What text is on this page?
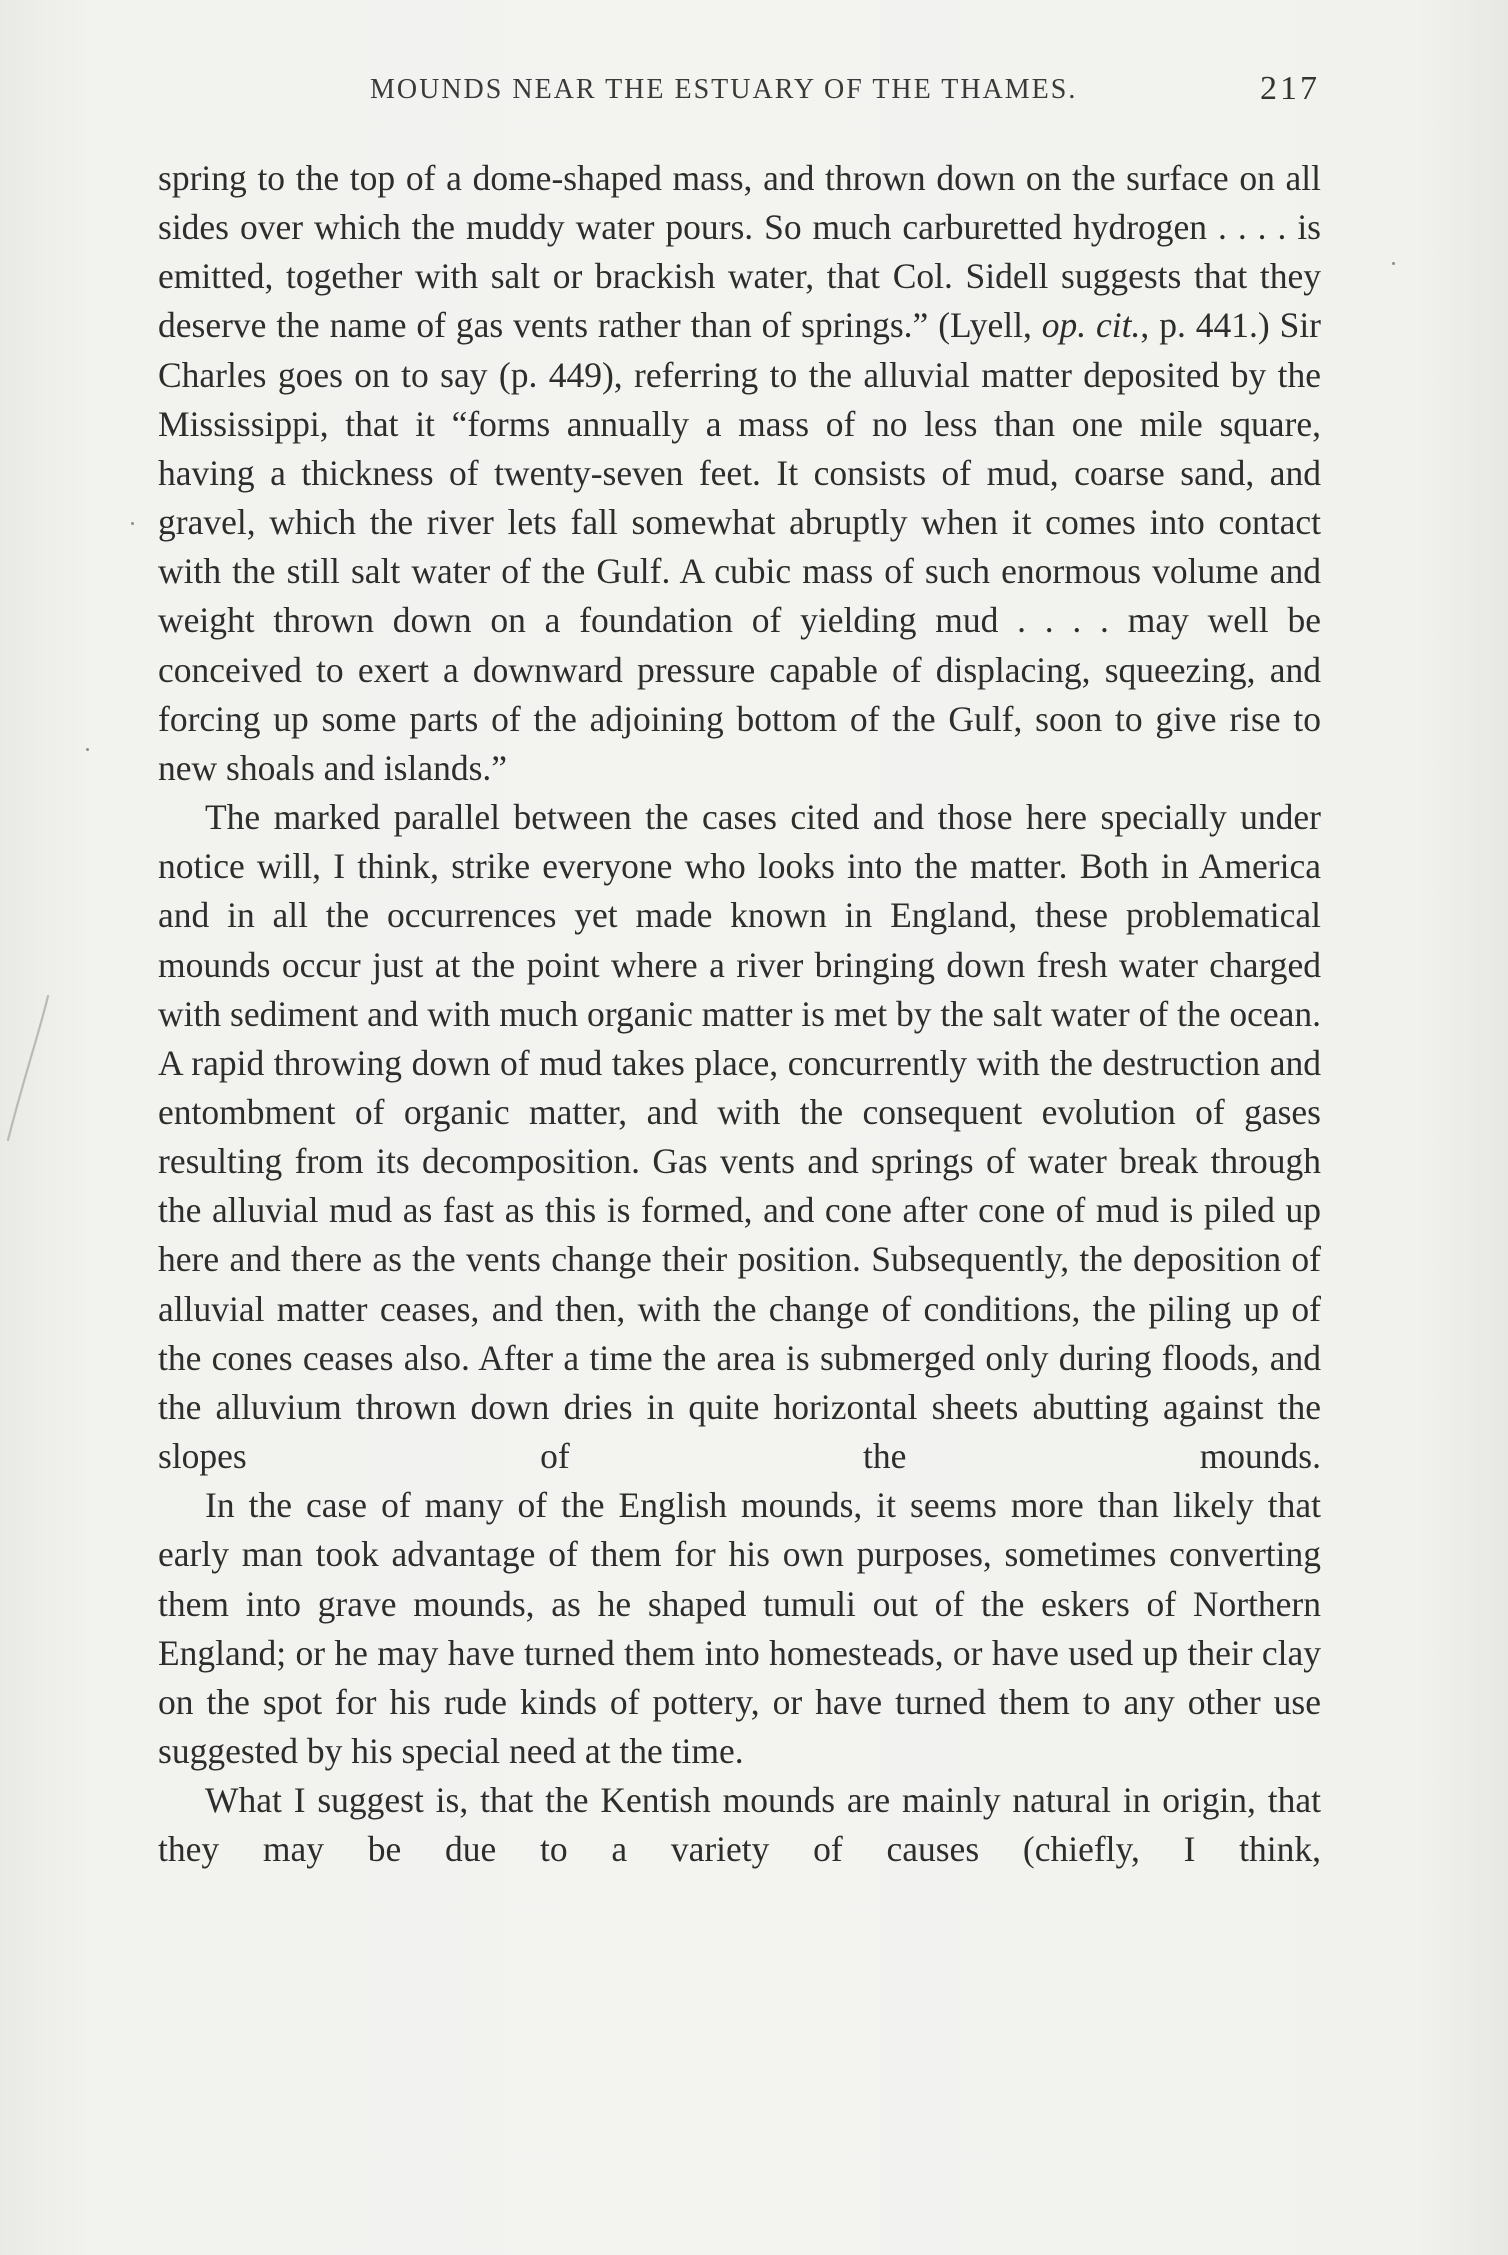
MOUNDS NEAR THE ESTUARY OF THE THAMES.	217

spring to the top of a dome-shaped mass, and thrown down on the surface on all sides over which the muddy water pours. So much carburetted hydrogen . . . . is emitted, together with salt or brackish water, that Col. Sidell suggests that they deserve the name of gas vents rather than of springs.” (Lyell, op. cit., p. 441.) Sir Charles goes on to say (p. 449), referring to the alluvial matter deposited by the Mississippi, that it “forms annually a mass of no less than one mile square, having a thickness of twenty-seven feet. It consists of mud, coarse sand, and gravel, which the river lets fall somewhat abruptly when it comes into contact with the still salt water of the Gulf. A cubic mass of such enormous volume and weight thrown down on a foundation of yielding mud . . . . may well be conceived to exert a downward pressure capable of displacing, squeezing, and forcing up some parts of the adjoining bottom of the Gulf, soon to give rise to new shoals and islands.”

The marked parallel between the cases cited and those here specially under notice will, I think, strike everyone who looks into the matter. Both in America and in all the occurrences yet made known in England, these problematical mounds occur just at the point where a river bringing down fresh water charged with sediment and with much organic matter is met by the salt water of the ocean. A rapid throwing down of mud takes place, concurrently with the destruction and entombment of organic matter, and with the consequent evolution of gases resulting from its decomposition. Gas vents and springs of water break through the alluvial mud as fast as this is formed, and cone after cone of mud is piled up here and there as the vents change their position. Subsequently, the deposition of alluvial matter ceases, and then, with the change of conditions, the piling up of the cones ceases also. After a time the area is submerged only during floods, and the alluvium thrown down dries in quite horizontal sheets abutting against the slopes of the mounds.

In the case of many of the English mounds, it seems more than likely that early man took advantage of them for his own purposes, sometimes converting them into grave mounds, as he shaped tumuli out of the eskers of Northern England; or he may have turned them into homesteads, or have used up their clay on the spot for his rude kinds of pottery, or have turned them to any other use suggested by his special need at the time.

What I suggest is, that the Kentish mounds are mainly natural in origin, that they may be due to a variety of causes (chiefly, I think,
